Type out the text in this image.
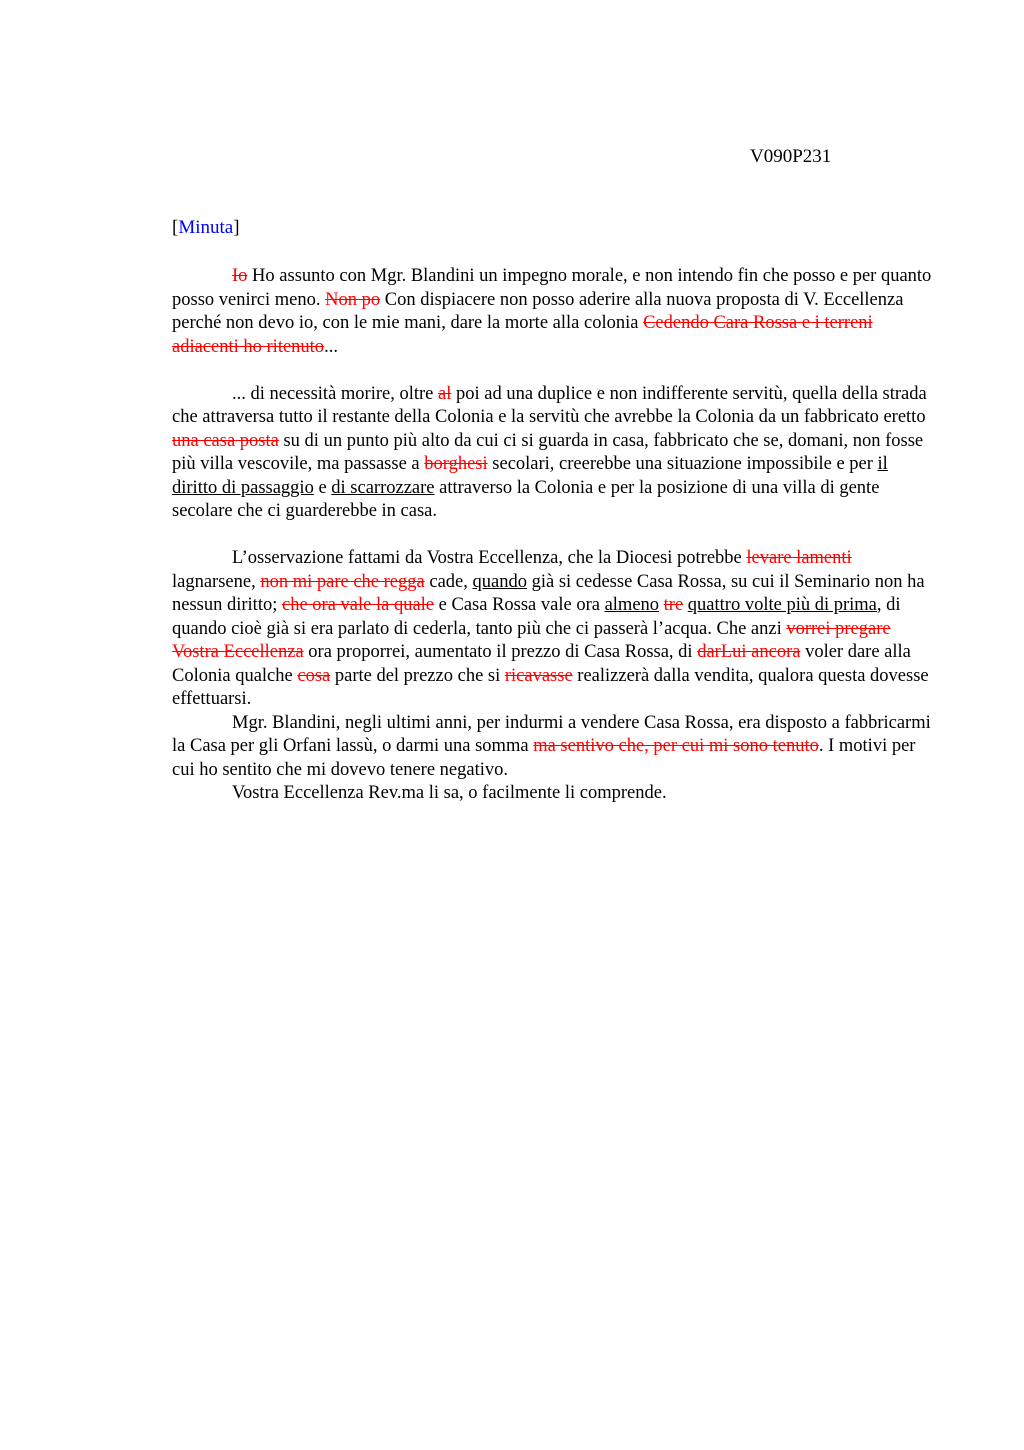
V090P231
[Minuta]

Io Ho assunto con Mgr. Blandini un impegno morale, e non intendo fin che posso e per quanto posso venirci meno. Non po Con dispiacere non posso aderire alla nuova proposta di V. Eccellenza perché non devo io, con le mie mani, dare la morte alla colonia Cedendo Cara Rossa e i terreni adiacenti ho ritenuto...

... di necessità morire, oltre al poi ad una duplice e non indifferente servitù, quella della strada che attraversa tutto il restante della Colonia e la servitù che avrebbe la Colonia da un fabbricato eretto una casa posta su di un punto più alto da cui ci si guarda in casa, fabbricato che se, domani, non fosse più villa vescovile, ma passasse a borghesi secolari, creerebbe una situazione impossibile e per il diritto di passaggio e di scarrozzare attraverso la Colonia e per la posizione di una villa di gente secolare che ci guarderebbe in casa.

L’osservazione fattami da Vostra Eccellenza, che la Diocesi potrebbe levare lamenti lagnarsene, non mi pare che regga cade, quando già si cedesse Casa Rossa, su cui il Seminario non ha nessun diritto; che ora vale la quale e Casa Rossa vale ora almeno tre quattro volte più di prima, di quando cioè già si era parlato di cederla, tanto più che ci passerà l’acqua. Che anzi vorrei pregare Vostra Eccellenza ora proporrei, aumentato il prezzo di Casa Rossa, di darLui ancora voler dare alla Colonia qualche cosa parte del prezzo che si ricavasse realizzerà dalla vendita, qualora questa dovesse effettuarsi.

Mgr. Blandini, negli ultimi anni, per indurmi a vendere Casa Rossa, era disposto a fabbricarmi la Casa per gli Orfani lassù, o darmi una somma ma sentivo che, per cui mi sono tenuto. I motivi per cui ho sentito che mi dovevo tenere negativo.

Vostra Eccellenza Rev.ma li sa, o facilmente li comprende.
